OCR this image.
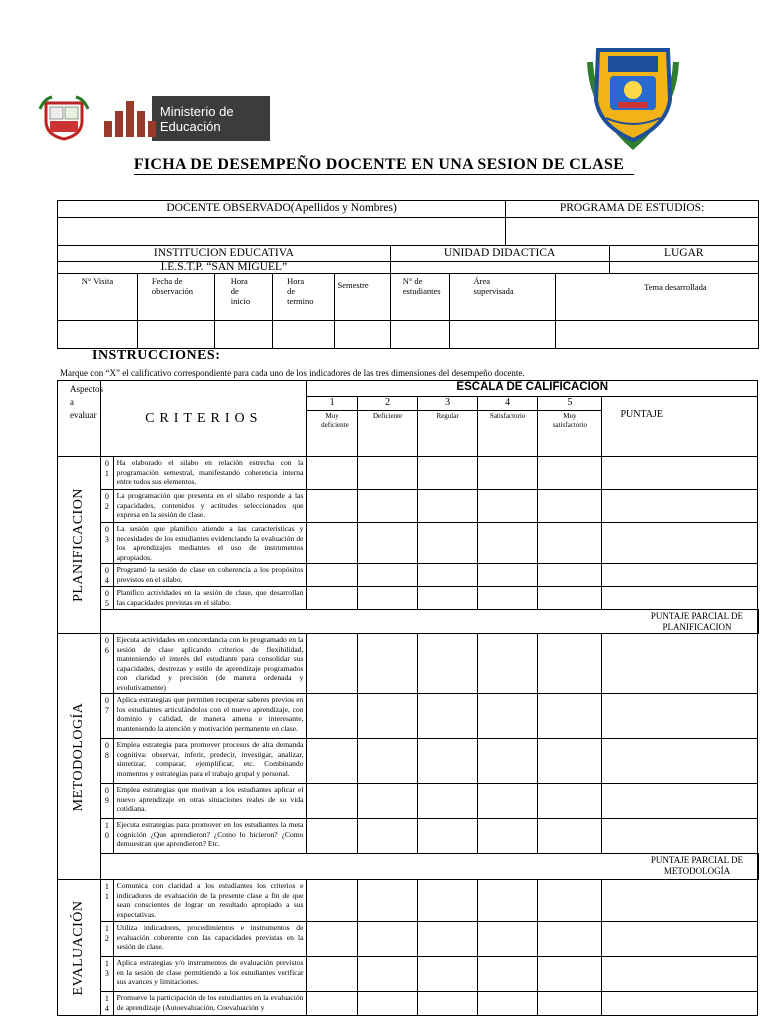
Ministerio de Educación
FICHA DE DESEMPEÑO DOCENTE EN UNA SESION DE CLASE
DOCENTE OBSERVADO(Apellidos y Nombres)							PROGRAMA DE ESTUDIOS:		

INSTITUCION EDUCATIVA					UNIDAD DIDACTICA				LUGAR
I.E.S.T.P. “SAN MIGUEL”									
N° Visita	Fecha de observación	Hora de inicio	Hora de termino	Semestre	N° de estudiantes	Área supervisada		Tema desarrollada	

INSTRUCCIONES:
Marque con “X” el calificativo correspondiente para cada uno de los indicadores de las tres dimensiones del desempeño docente.
Aspectos a evaluar	CRITERIOS		ESCALA DE CALIFICACION						
			1	2	3	4	5	PUNTAJE	

			Muy deficiente	Deficiente	Regular	Satisfactorio	Muy satisfactorio		

PLANIFICACION	01	Ha elaborado el silabo en relación estrecha con la programación semestral, manifestando coherencia interna entre todos sus elementos.							

	02	La programación que presenta en el silabo responde a las capacidades, contenidos y actitudes seleccionados que expresa en la sesión de clase.							

	03	La sesión que planifico atiende a las características y necesidades de los estudiantes evidenciando la evaluación de los aprendizajes mediantes el uso de instrumentos apropiados.							

	04	Programó la sesión de clase en coherencia a los propósitos previstos en el silabo.							

	05	Planifico actividades en la sesión de clase, que desarrollan las capacidades previstas en el silabo.							

			PUNTAJE PARCIAL DE PLANIFICACION						

METODOLOGÍA	06	Ejecuta actividades en concordancia con lo programado en la sesión de clase aplicando criterios de flexibilidad, manteniendo el interés del estudiante para consolidar sus capacidades, destrezas y estilo de aprendizaje programados con claridad y precisión (de manera ordenada y evolutivamente)							

	07	Aplica estrategias que permiten recuperar saberes previos en los estudiantes articulándolos con el nuevo aprendizaje, con dominio y calidad, de manera amena e interesante, manteniendo la atención y motivación permanente en clase.							

	08	Emplea estrategia para promover procesos de alta demanda cognitiva: observar, inferir, predecir, investigar, analizar, sintetizar, comparar, ejemplificar, etc. Combinando momentos y estrategias para el trabajo grupal y personal.							

	09	Emplea estrategias que motivan a los estudiantes aplicar el nuevo aprendizaje en otras situaciones reales de su vida cotidiana.							

	10	Ejecuta estrategias para promover en los estudiantes la meta cognición ¿Que aprendieron? ¿Como lo hicieron? ¿Como demuestran que aprendieron? Etc.							

			PUNTAJE PARCIAL DE METODOLOGÍA						

EVALUACIÓN	11	Comunica con claridad a los estudiantes los criterios e indicadores de evaluación de la presente clase a fin de que sean conscientes de lograr un resultado apropiado a sus expectativas.							

	12	Utiliza indicadores, procedimientos e instrumentos de evaluación coherente con las capacidades previstas en la sesión de clase.							

	13	Aplica estrategias y/o instrumentos de evaluación previstos en la sesión de clase permitiendo a los estudiantes verificar sus avances y limitaciones.							

	14	Promueve la participación de los estudiantes en la evaluación de aprendizaje (Autoevaluación, Coevaluación y							
